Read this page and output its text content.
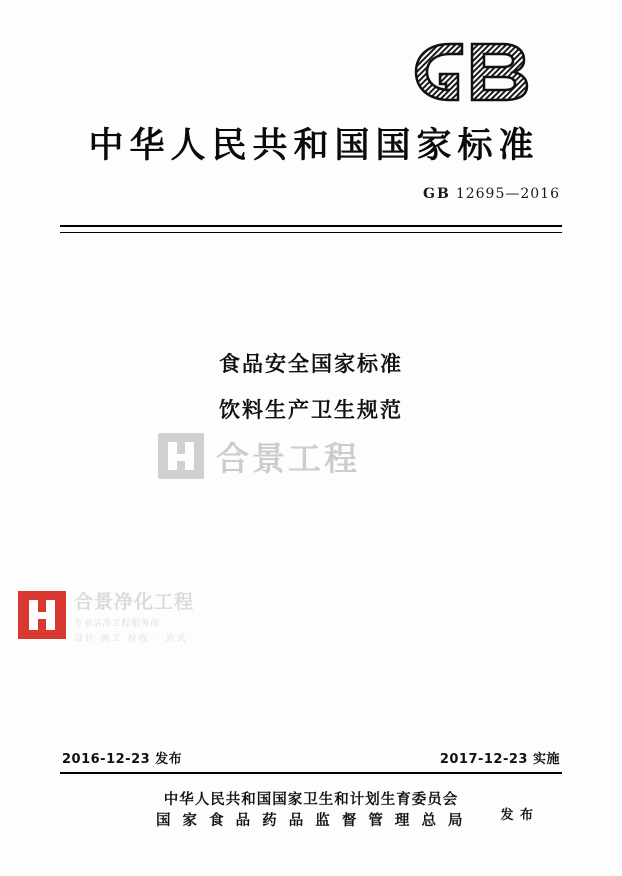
中华人民共和国国家标准
GB 12695—2016
食品安全国家标准
饮料生产卫生规范
合景工程
合景净化工程
专业洁净工程服务商
设计 施工 验收 一站式
2016-12-23 发布	2017-12-23 实施
中华人民共和国国家卫生和计划生育委员会
国 家 食 品 药 品 监 督 管 理 总 局	发 布
